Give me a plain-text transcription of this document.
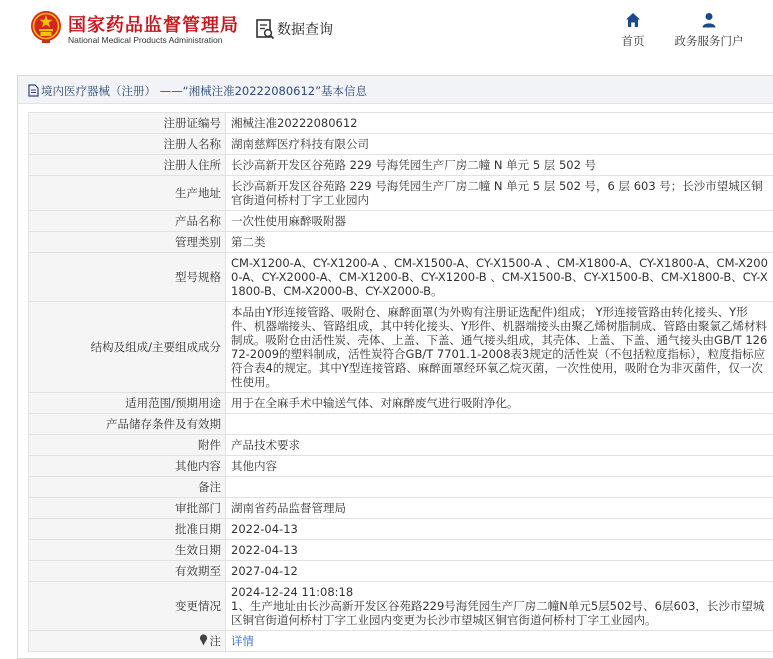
国家药品监督管理局
National Medical Products Administration
数据查询
首页	政务服务门户
境内医疗器械（注册） ——“湘械注准20222080612”基本信息
注册证编号	湘械注准20222080612
注册人名称	湖南慈辉医疗科技有限公司
注册人住所	长沙高新开发区谷苑路 229 号海凭园生产厂房二幢 N 单元 5 层 502 号
生产地址	长沙高新开发区谷苑路 229 号海凭园生产厂房二幢 N 单元 5 层 502 号，6 层 603 号；长沙市望城区铜官街道何桥村丁字工业园内
产品名称	一次性使用麻醉吸附器
管理类别	第二类
型号规格	CM-X1200-A、CY-X1200-A 、CM-X1500-A、CY-X1500-A 、CM-X1800-A、CY-X1800-A、CM-X2000-A、CY-X2000-A、CM-X1200-B、CY-X1200-B 、CM-X1500-B、CY-X1500-B、CM-X1800-B、CY-X1800-B、CM-X2000-B、CY-X2000-B。
结构及组成/主要组成成分	本品由Y形连接管路、吸附仓、麻醉面罩(为外购有注册证选配件)组成； Y形连接管路由转化接头、Y形件、机器端接头、管路组成，其中转化接头、Y形件、机器端接头由聚乙烯树脂制成、管路由聚氯乙烯材料制成。吸附仓由活性炭、壳体、上盖、下盖、通气接头组成，其壳体、上盖、下盖、通气接头由GB/T 12672-2009的塑料制成，活性炭符合GB/T 7701.1-2008表3规定的活性炭（不包括粒度指标），粒度指标应符合表4的规定。其中Y型连接管路、麻醉面罩经环氧乙烷灭菌，一次性使用，吸附仓为非灭菌件，仅一次性使用。
适用范围/预期用途	用于在全麻手术中输送气体、对麻醉废气进行吸附净化。
产品储存条件及有效期	
附件	产品技术要求
其他内容	其他内容
备注	
审批部门	湖南省药品监督管理局
批准日期	2022-04-13
生效日期	2022-04-13
有效期至	2027-04-12
变更情况	2024-12-24 11:08:18
1、生产地址由长沙高新开发区谷苑路229号海凭园生产厂房二幢N单元5层502号、6层603，长沙市望城区铜官街道何桥村丁字工业园内变更为长沙市望城区铜官街道何桥村丁字工业园内。

注	详情
